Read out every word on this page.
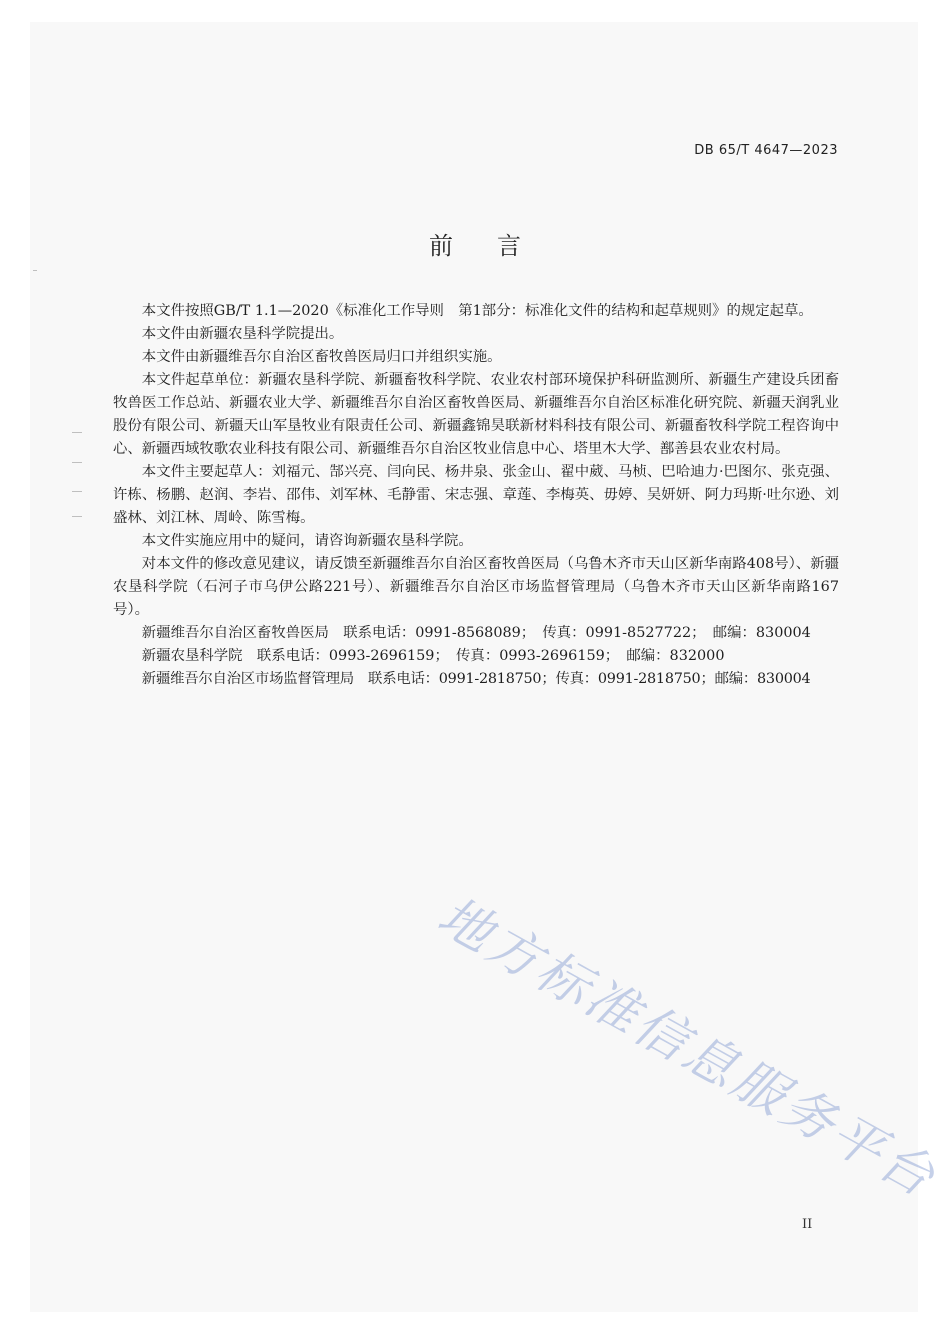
DB 65/T 4647—2023
前言

本文件按照GB/T 1.1—2020《标准化工作导则　第1部分：标准化文件的结构和起草规则》的规定起草。

本文件由新疆农垦科学院提出。

本文件由新疆维吾尔自治区畜牧兽医局归口并组织实施。

本文件起草单位：新疆农垦科学院、新疆畜牧科学院、农业农村部环境保护科研监测所、新疆生产建设兵团畜牧兽医工作总站、新疆农业大学、新疆维吾尔自治区畜牧兽医局、新疆维吾尔自治区标准化研究院、新疆天润乳业股份有限公司、新疆天山军垦牧业有限责任公司、新疆鑫锦昊联新材料科技有限公司、新疆畜牧科学院工程咨询中心、新疆西域牧歌农业科技有限公司、新疆维吾尔自治区牧业信息中心、塔里木大学、鄯善县农业农村局。

本文件主要起草人：刘福元、郜兴亮、闫向民、杨井泉、张金山、翟中葳、马桢、巴哈迪力·巴图尔、张克强、许栋、杨鹏、赵润、李岩、邵伟、刘军林、毛静雷、宋志强、章莲、李梅英、毋婷、吴妍妍、阿力玛斯·吐尔逊、刘盛林、刘江林、周岭、陈雪梅。

本文件实施应用中的疑问，请咨询新疆农垦科学院。

对本文件的修改意见建议，请反馈至新疆维吾尔自治区畜牧兽医局（乌鲁木齐市天山区新华南路408号）、新疆农垦科学院（石河子市乌伊公路221号）、新疆维吾尔自治区市场监督管理局（乌鲁木齐市天山区新华南路167号）。

新疆维吾尔自治区畜牧兽医局　联系电话：0991-8568089；　传真：0991-8527722；　邮编：830004
新疆农垦科学院　联系电话：0993-2696159；　传真：0993-2696159；　邮编：832000
新疆维吾尔自治区市场监督管理局　联系电话：0991-2818750；传真：0991-2818750；邮编：830004
地方标准信息服务平台
II
